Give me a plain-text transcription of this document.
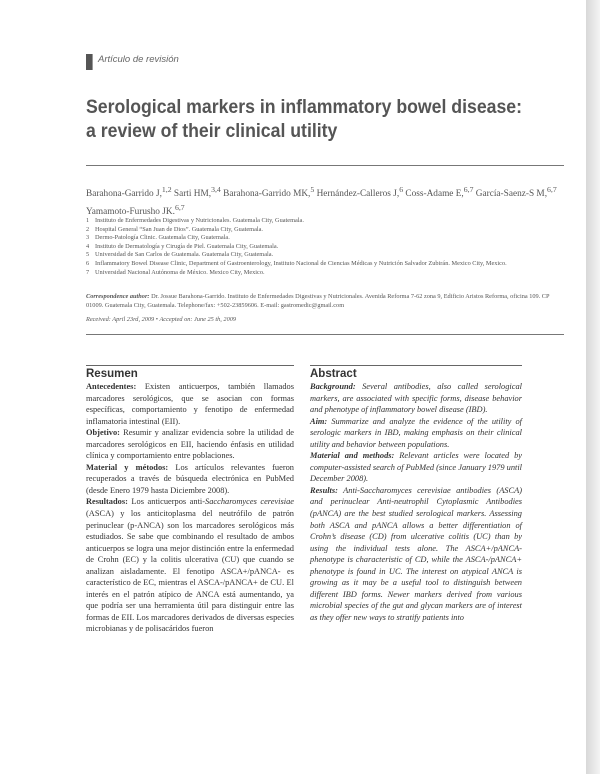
Artículo de revisión
Serological markers in inflammatory bowel disease:
a review of their clinical utility
Barahona-Garrido J,$^{1,2}$ Sarti HM,$^{3,4}$ Barahona-Garrido MK,$^5$ Hernández-Calleros J,$^6$ Coss-Adame E,$^{6,7}$ García-Saenz-S M,$^{6,7}$ Yamamoto-Furusho JK.$^{6,7}$
1 Instituto de Enfermedades Digestivas y Nutricionales. Guatemala City, Guatemala.
2 Hospital General “San Juan de Dios”. Guatemala City, Guatemala.
3 Dermo-Patología Clinic. Guatemala City, Guatemala.
4 Instituto de Dermatología y Cirugía de Piel. Guatemala City, Guatemala.
5 Universidad de San Carlos de Guatemala. Guatemala City, Guatemala.
6 Inflammatory Bowel Disease Clinic, Department of Gastroenterology, Instituto Nacional de Ciencias Médicas y Nutrición Salvador Zubirán. Mexico City, Mexico.
7 Universidad Nacional Autónoma de México. Mexico City, Mexico.
Correspondence author: Dr. Jossue Barahona-Garrido. Instituto de Enfermedades Digestivas y Nutricionales. Avenida Reforma 7-62 zona 9, Edificio Aristos Reforma, oficina 109. CP 01009. Guatemala City, Guatemala. Telephone/fax: +502-23859606. E-mail: gastromedic@gmail.com
Received: April 23rd, 2009 • Accepted on: June 25 th, 2009
Resumen

Antecedentes: Existen anticuerpos, también llamados marcadores serológicos, que se asocian con formas específicas, comportamiento y fenotipo de enfermedad inflamatoria intestinal (EII).

Objetivo: Resumir y analizar evidencia sobre la utilidad de marcadores serológicos en EII, haciendo énfasis en utilidad clínica y comportamiento entre poblaciones.

Material y métodos: Los artículos relevantes fueron recuperados a través de búsqueda electrónica en PubMed (desde Enero 1979 hasta Diciembre 2008).

Resultados: Los anticuerpos anti-Saccharomyces cerevisiae (ASCA) y los anticitoplasma del neutrófilo de patrón perinuclear (p-ANCA) son los marcadores serológicos más estudiados. Se sabe que combinando el resultado de ambos anticuerpos se logra una mejor distinción entre la enfermedad de Crohn (EC) y la colitis ulcerativa (CU) que cuando se analizan aisladamente. El fenotipo ASCA+/pANCA- es característico de EC, mientras el ASCA-/pANCA+ de CU. El interés en el patrón atípico de ANCA está aumentando, ya que podría ser una herramienta útil para distinguir entre las formas de EII. Los marcadores derivados de diversas especies microbianas y de polisacáridos fueron

Abstract

Background: Several antibodies, also called serological markers, are associated with specific forms, disease behavior and phenotype of inflammatory bowel disease (IBD).

Aim: Summarize and analyze the evidence of the utility of serologic markers in IBD, making emphasis on their clinical utility and behavior between populations.

Material and methods: Relevant articles were located by computer-assisted search of PubMed (since January 1979 until December 2008).

Results: Anti-Saccharomyces cerevisiae antibodies (ASCA) and perinuclear Anti-neutrophil Cytoplasmic Antibodies (pANCA) are the best studied serological markers. Assessing both ASCA and pANCA allows a better differentiation of Crohn’s disease (CD) from ulcerative colitis (UC) than by using the individual tests alone. The ASCA+/pANCA- phenotype is characteristic of CD, while the ASCA-/pANCA+ phenotype is found in UC. The interest on atypical ANCA is growing as it may be a useful tool to distinguish between different IBD forms. Newer markers derived from various microbial species of the gut and glycan markers are of interest as they offer new ways to stratify patients into
